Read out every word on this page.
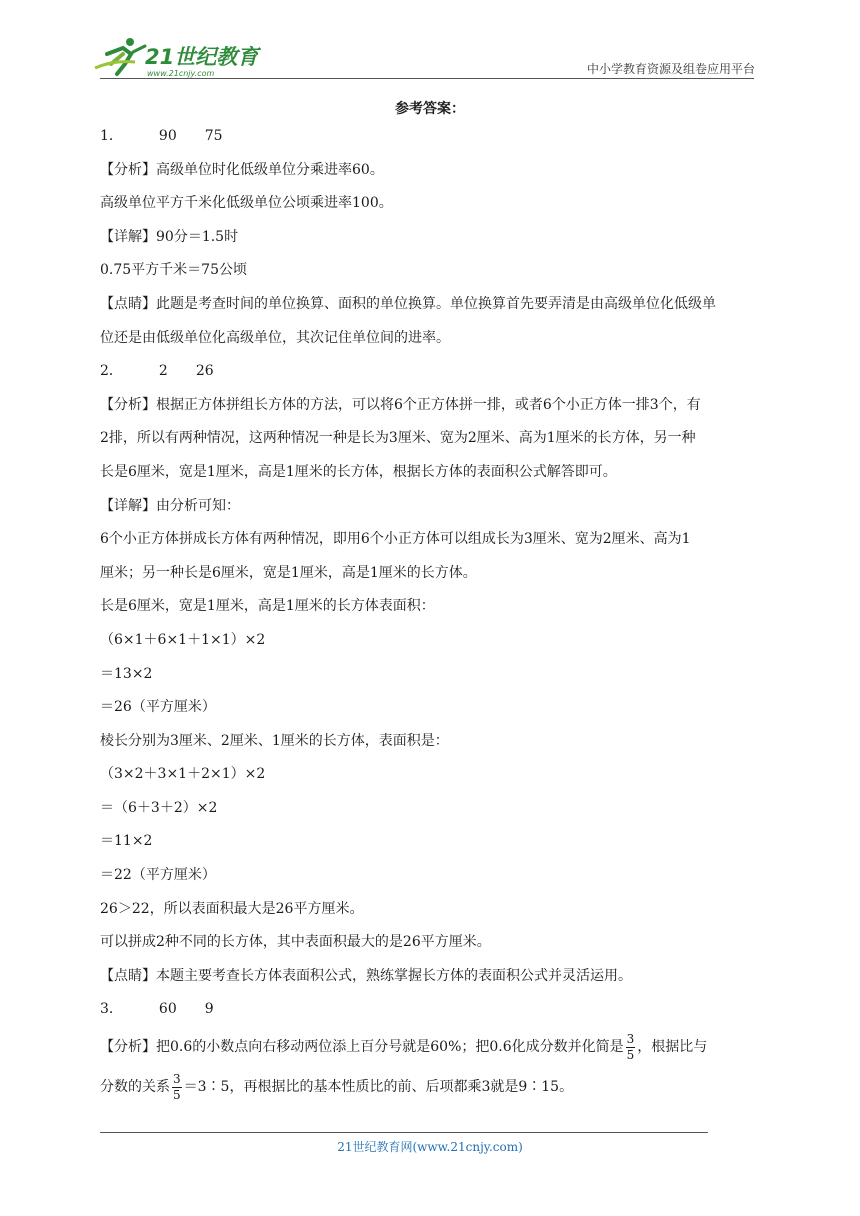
21世纪教育
www.21cnjy.com	中小学教育资源及组卷应用平台
参考答案：
1．	90 75
【分析】高级单位时化低级单位分乘进率60。
高级单位平方千米化低级单位公顷乘进率100。
【详解】90分＝1.5时
0.75平方千米＝75公顷
【点睛】此题是考查时间的单位换算、面积的单位换算。单位换算首先要弄清是由高级单位化低级单
位还是由低级单位化高级单位，其次记住单位间的进率。
2．	2 26
【分析】根据正方体拼组长方体的方法，可以将6个正方体拼一排，或者6个小正方体一排3个，有
2排，所以有两种情况，这两种情况一种是长为3厘米、宽为2厘米、高为1厘米的长方体，另一种
长是6厘米，宽是1厘米，高是1厘米的长方体，根据长方体的表面积公式解答即可。
【详解】由分析可知：
6个小正方体拼成长方体有两种情况，即用6个小正方体可以组成长为3厘米、宽为2厘米、高为1
厘米；另一种长是6厘米，宽是1厘米，高是1厘米的长方体。
长是6厘米，宽是1厘米，高是1厘米的长方体表面积：
（6×1＋6×1＋1×1）×2
＝13×2
＝26（平方厘米）
棱长分别为3厘米、2厘米、1厘米的长方体，表面积是：
（3×2＋3×1＋2×1）×2
＝（6＋3＋2）×2
＝11×2
＝22（平方厘米）
26＞22，所以表面积最大是26平方厘米。
可以拼成2种不同的长方体，其中表面积最大的是26平方厘米。
【点睛】本题主要考查长方体表面积公式，熟练掌握长方体的表面积公式并灵活运用。
3．	60 9
【分析】把0.6的小数点向右移动两位添上百分号就是60%；把0.6化成分数并化简是 $\frac{3}{5}$ ，根据比与
分数的关系 $\frac{3}{5}$ ＝3∶5，再根据比的基本性质比的前、后项都乘3就是9∶15。
21世纪教育网(www.21cnjy.com)
